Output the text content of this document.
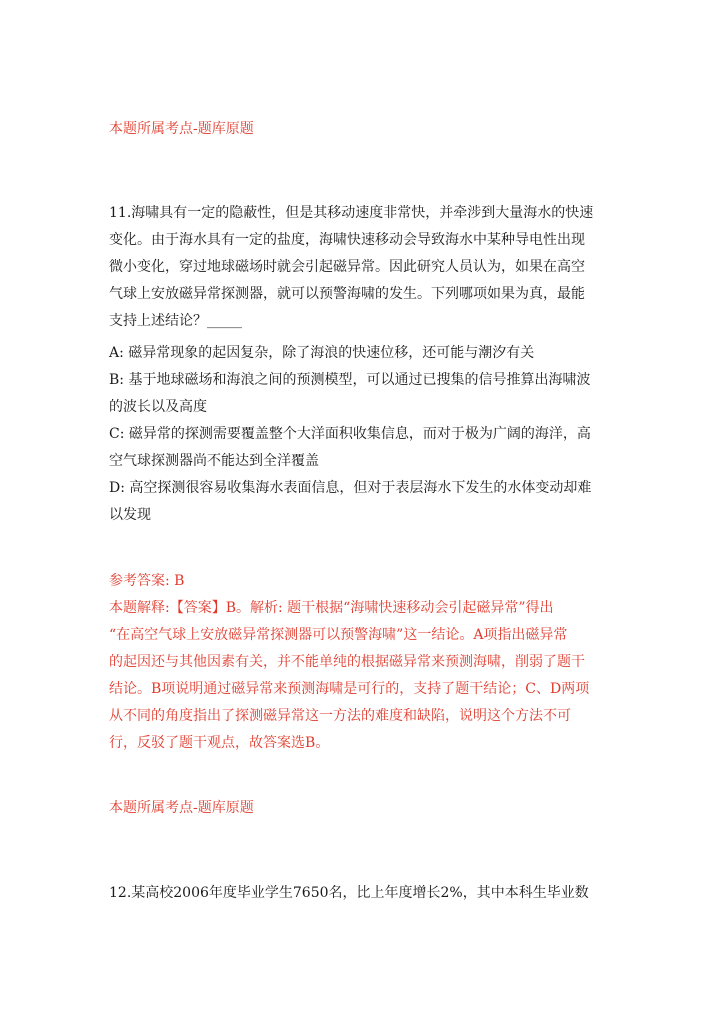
本题所属考点-题库原题
11.海啸具有一定的隐蔽性，但是其移动速度非常快，并牵涉到大量海水的快速
变化。由于海水具有一定的盐度，海啸快速移动会导致海水中某种导电性出现
微小变化，穿过地球磁场时就会引起磁异常。因此研究人员认为，如果在高空
气球上安放磁异常探测器，就可以预警海啸的发生。下列哪项如果为真，最能
支持上述结论？_____
A: 磁异常现象的起因复杂，除了海浪的快速位移，还可能与潮汐有关
B: 基于地球磁场和海浪之间的预测模型，可以通过已搜集的信号推算出海啸波
的波长以及高度
C: 磁异常的探测需要覆盖整个大洋面积收集信息，而对于极为广阔的海洋，高
空气球探测器尚不能达到全洋覆盖
D: 高空探测很容易收集海水表面信息，但对于表层海水下发生的水体变动却难
以发现
参考答案: B
本题解释:【答案】B。解析: 题干根据“海啸快速移动会引起磁异常”得出
“在高空气球上安放磁异常探测器可以预警海啸”这一结论。A项指出磁异常
的起因还与其他因素有关，并不能单纯的根据磁异常来预测海啸，削弱了题干
结论。B项说明通过磁异常来预测海啸是可行的，支持了题干结论；C、D两项
从不同的角度指出了探测磁异常这一方法的难度和缺陷，说明这个方法不可
行，反驳了题干观点，故答案选B。
本题所属考点-题库原题
12.某高校2006年度毕业学生7650名，比上年度增长2%，其中本科生毕业数
